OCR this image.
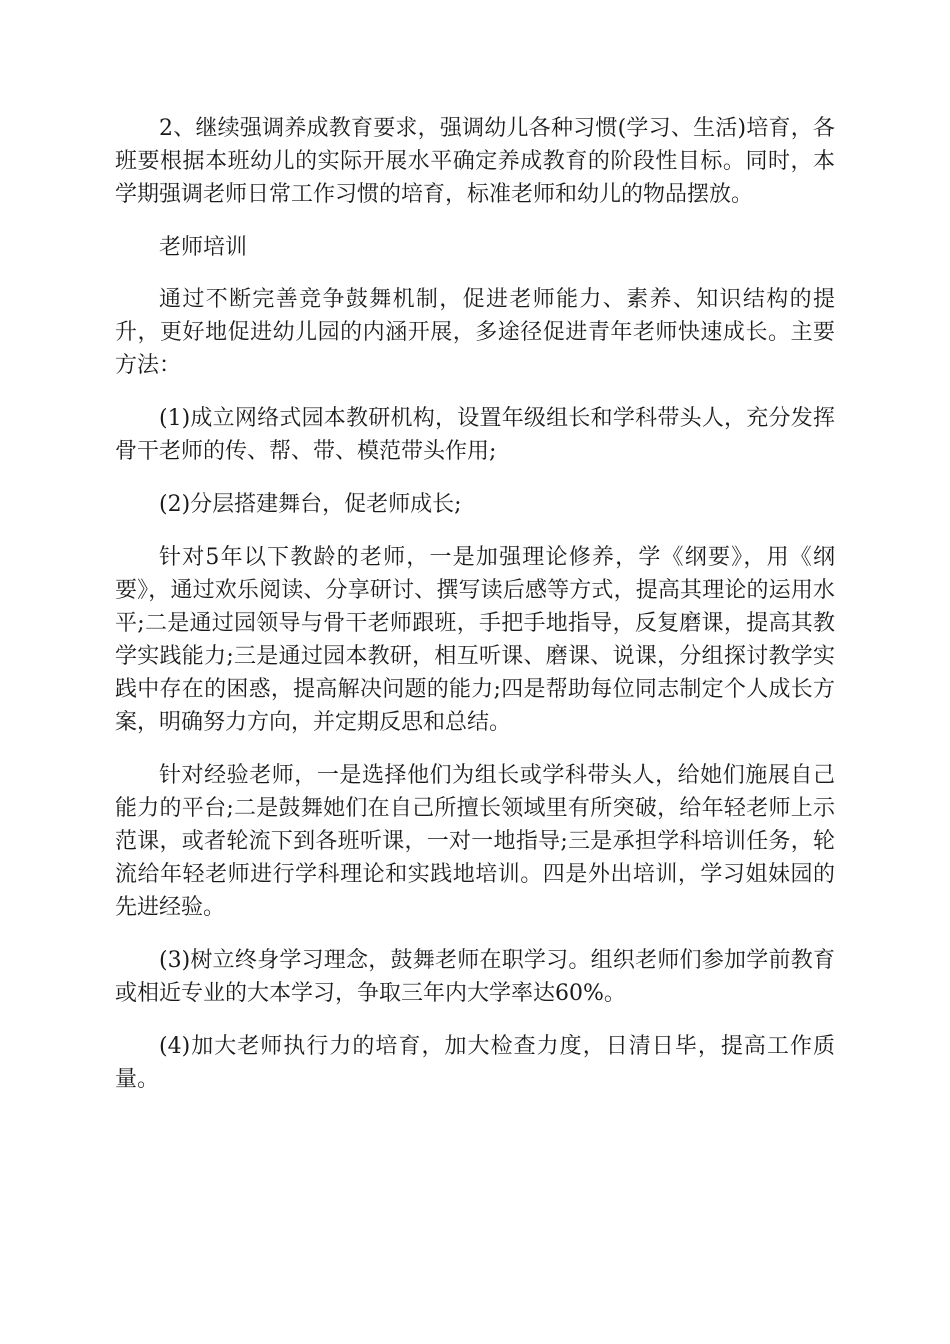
2、继续强调养成教育要求，强调幼儿各种习惯(学习、生活)培育，各班要根据本班幼儿的实际开展水平确定养成教育的阶段性目标。同时，本学期强调老师日常工作习惯的培育，标准老师和幼儿的物品摆放。

老师培训

通过不断完善竞争鼓舞机制，促进老师能力、素养、知识结构的提升，更好地促进幼儿园的内涵开展，多途径促进青年老师快速成长。主要方法：

(1)成立网络式园本教研机构，设置年级组长和学科带头人，充分发挥骨干老师的传、帮、带、模范带头作用;

(2)分层搭建舞台，促老师成长;

针对5年以下教龄的老师，一是加强理论修养，学《纲要》，用《纲要》，通过欢乐阅读、分享研讨、撰写读后感等方式，提高其理论的运用水平;二是通过园领导与骨干老师跟班，手把手地指导，反复磨课，提高其教学实践能力;三是通过园本教研，相互听课、磨课、说课，分组探讨教学实践中存在的困惑，提高解决问题的能力;四是帮助每位同志制定个人成长方案，明确努力方向，并定期反思和总结。

针对经验老师，一是选择他们为组长或学科带头人，给她们施展自己能力的平台;二是鼓舞她们在自己所擅长领域里有所突破，给年轻老师上示范课，或者轮流下到各班听课，一对一地指导;三是承担学科培训任务，轮流给年轻老师进行学科理论和实践地培训。四是外出培训，学习姐妹园的先进经验。

(3)树立终身学习理念，鼓舞老师在职学习。组织老师们参加学前教育或相近专业的大本学习，争取三年内大学率达60%。

(4)加大老师执行力的培育，加大检查力度，日清日毕，提高工作质量。
